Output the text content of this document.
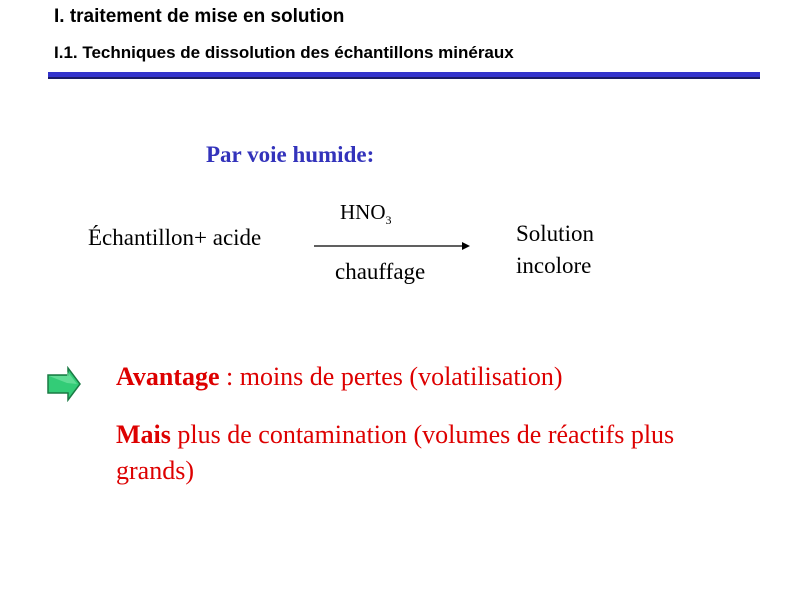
I. traitement de mise en solution
I.1. Techniques de dissolution des échantillons minéraux
Par voie humide:
Échantillon+ acide
$HNO_3$
chauffage
Solution
incolore
Avantage : moins de pertes (volatilisation)
Mais plus de contamination (volumes de réactifs plus grands)
